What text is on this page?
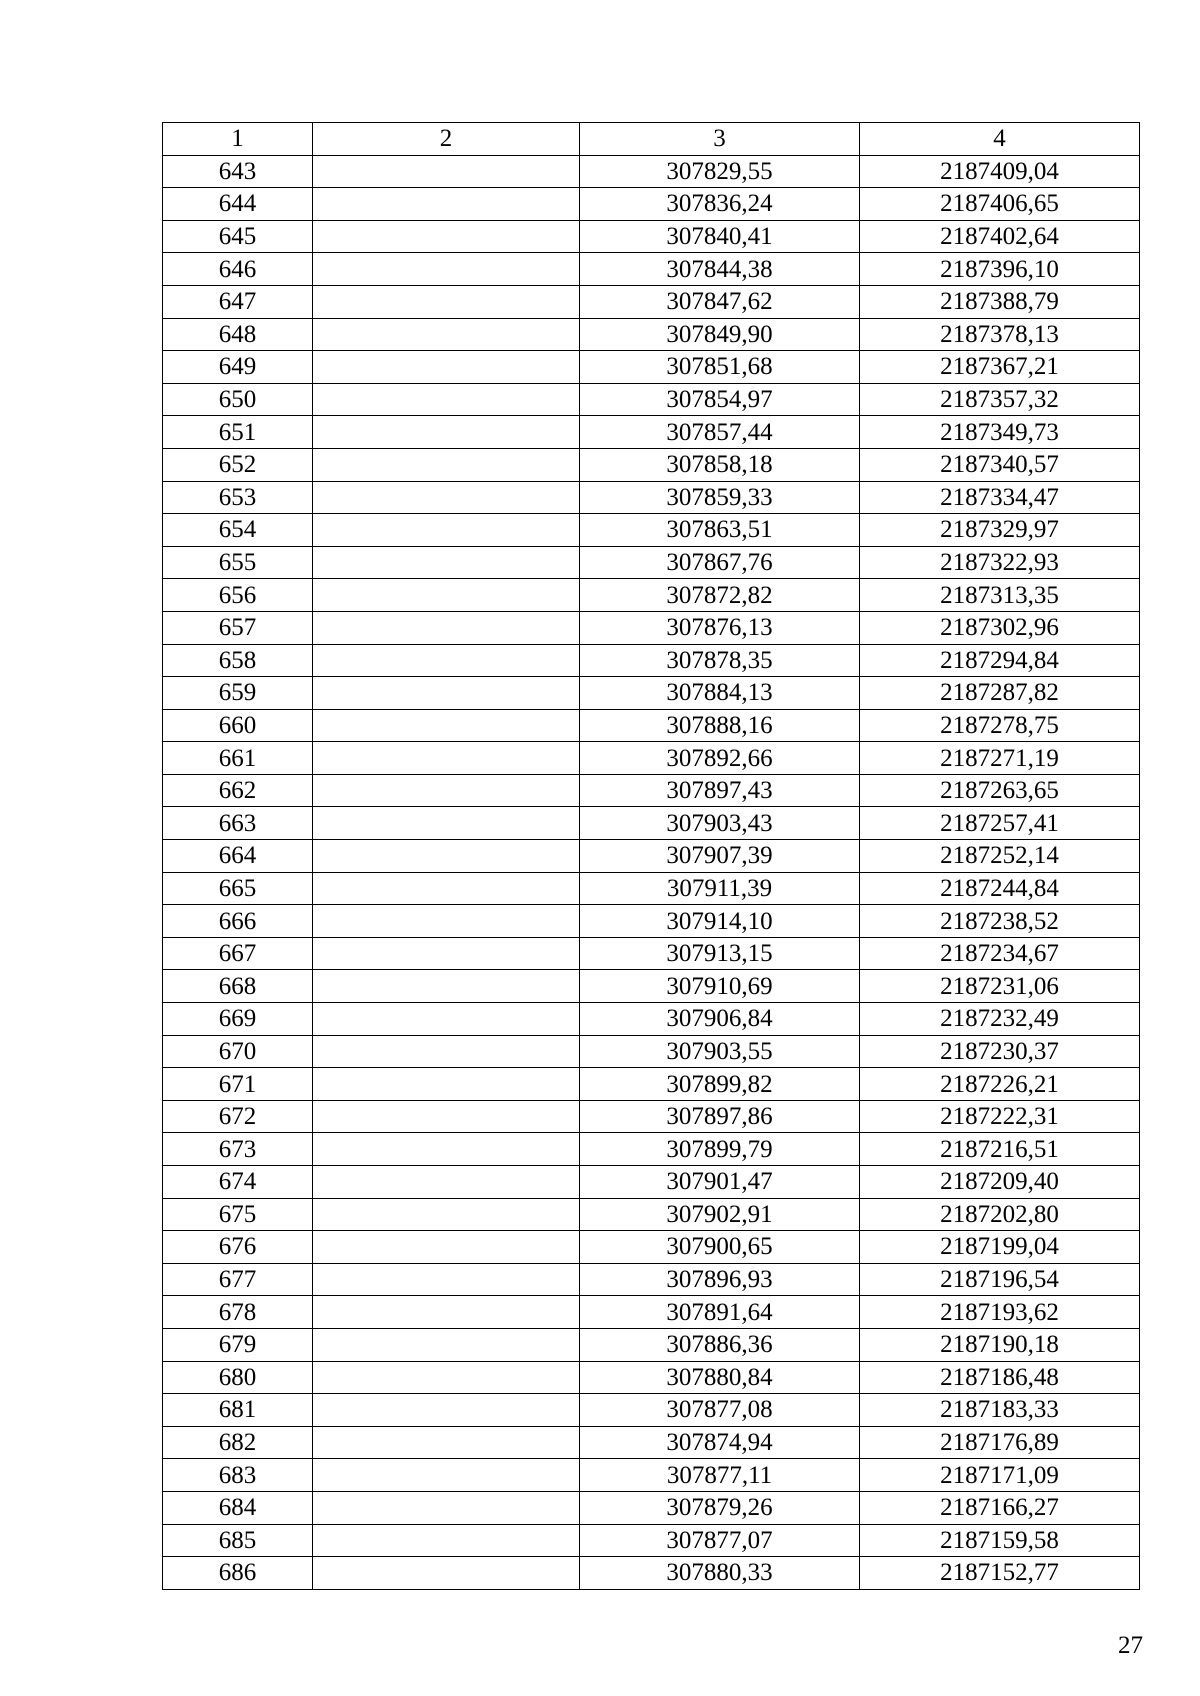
1	2	3	4
643		307829,55	2187409,04
644		307836,24	2187406,65
645		307840,41	2187402,64
646		307844,38	2187396,10
647		307847,62	2187388,79
648		307849,90	2187378,13
649		307851,68	2187367,21
650		307854,97	2187357,32
651		307857,44	2187349,73
652		307858,18	2187340,57
653		307859,33	2187334,47
654		307863,51	2187329,97
655		307867,76	2187322,93
656		307872,82	2187313,35
657		307876,13	2187302,96
658		307878,35	2187294,84
659		307884,13	2187287,82
660		307888,16	2187278,75
661		307892,66	2187271,19
662		307897,43	2187263,65
663		307903,43	2187257,41
664		307907,39	2187252,14
665		307911,39	2187244,84
666		307914,10	2187238,52
667		307913,15	2187234,67
668		307910,69	2187231,06
669		307906,84	2187232,49
670		307903,55	2187230,37
671		307899,82	2187226,21
672		307897,86	2187222,31
673		307899,79	2187216,51
674		307901,47	2187209,40
675		307902,91	2187202,80
676		307900,65	2187199,04
677		307896,93	2187196,54
678		307891,64	2187193,62
679		307886,36	2187190,18
680		307880,84	2187186,48
681		307877,08	2187183,33
682		307874,94	2187176,89
683		307877,11	2187171,09
684		307879,26	2187166,27
685		307877,07	2187159,58
686		307880,33	2187152,77
27
